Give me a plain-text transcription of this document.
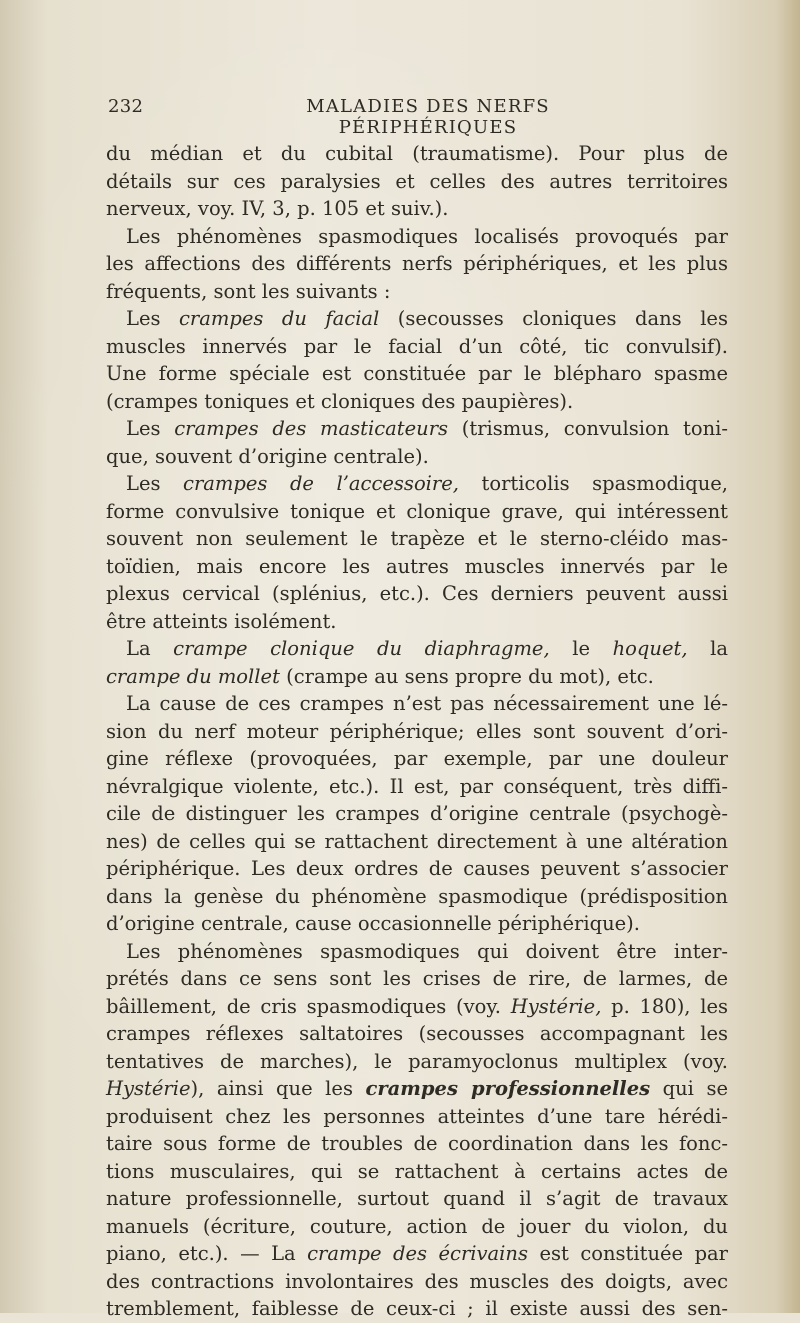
232	MALADIES DES NERFS PÉRIPHÉRIQUES
du médian et du cubital (traumatisme). Pour plus de
détails sur ces paralysies et celles des autres territoires
nerveux, voy. IV, 3, p. 105 et suiv.).
Les phénomènes spasmodiques localisés provoqués par
les affections des différents nerfs périphériques, et les plus
fréquents, sont les suivants :
Les crampes du facial (secousses cloniques dans les
muscles innervés par le facial d’un côté, tic convulsif).
Une forme spéciale est constituée par le blépharo spasme
(crampes toniques et cloniques des paupières).
Les crampes des masticateurs (trismus, convulsion toni-
que, souvent d’origine centrale).
Les crampes de l’accessoire, torticolis spasmodique,
forme convulsive tonique et clonique grave, qui intéressent
souvent non seulement le trapèze et le sterno-cléido mas-
toïdien, mais encore les autres muscles innervés par le
plexus cervical (splénius, etc.). Ces derniers peuvent aussi
être atteints isolément.
La crampe clonique du diaphragme, le hoquet, la
crampe du mollet (crampe au sens propre du mot), etc.
La cause de ces crampes n’est pas nécessairement une lé-
sion du nerf moteur périphérique; elles sont souvent d’ori-
gine réflexe (provoquées, par exemple, par une douleur
névralgique violente, etc.). Il est, par conséquent, très diffi-
cile de distinguer les crampes d’origine centrale (psychogè-
nes) de celles qui se rattachent directement à une altération
périphérique. Les deux ordres de causes peuvent s’associer
dans la genèse du phénomène spasmodique (prédisposition
d’origine centrale, cause occasionnelle périphérique).
Les phénomènes spasmodiques qui doivent être inter-
prétés dans ce sens sont les crises de rire, de larmes, de
bâillement, de cris spasmodiques (voy. Hystérie, p. 180), les
crampes réflexes saltatoires (secousses accompagnant les
tentatives de marches), le paramyoclonus multiplex (voy.
Hystérie), ainsi que les crampes professionnelles qui se
produisent chez les personnes atteintes d’une tare hérédi-
taire sous forme de troubles de coordination dans les fonc-
tions musculaires, qui se rattachent à certains actes de
nature professionnelle, surtout quand il s’agit de travaux
manuels (écriture, couture, action de jouer du violon, du
piano, etc.). — La crampe des écrivains est constituée par
des contractions involontaires des muscles des doigts, avec
tremblement, faiblesse de ceux-ci ; il existe aussi des sen-
